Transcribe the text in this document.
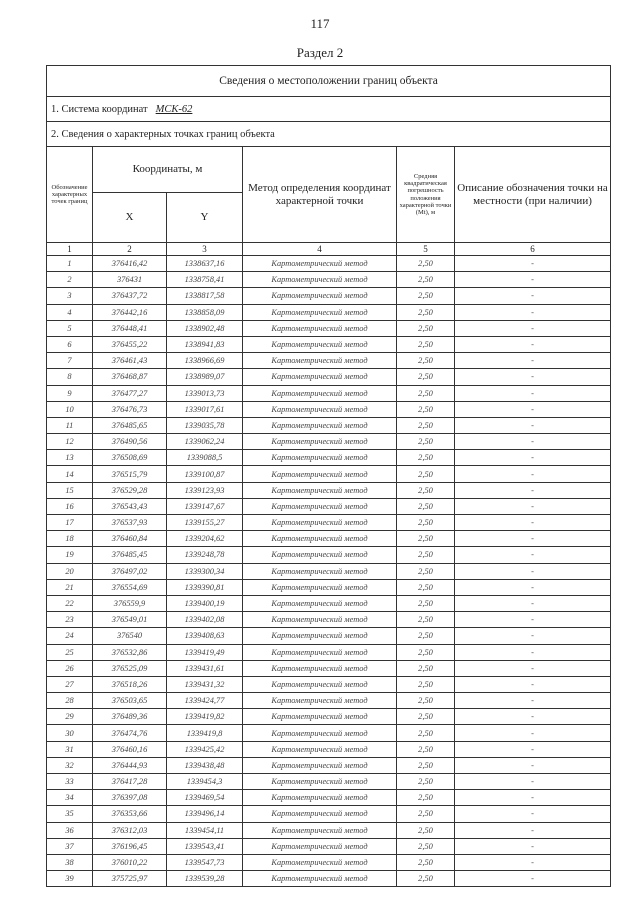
117
Раздел 2
Сведения о местоположении границ объекта					
1. Система координат МСК-62					
2. Сведения о характерных точках границ объекта					
Обозначение характерных точек границ	Координаты, м		Метод определения координат характерной точки	Средняя квадратическая погрешность положения характерной точки (Mt), м	Описание обозначения точки на местности (при наличии)
	X	Y			
1	2	3	4	5	6
1	376416,42	1338637,16	Картометрический метод	2,50	-
2	376431	1338758,41	Картометрический метод	2,50	-
3	376437,72	1338817,58	Картометрический метод	2,50	-
4	376442,16	1338858,09	Картометрический метод	2,50	-
5	376448,41	1338902,48	Картометрический метод	2,50	-
6	376455,22	1338941,83	Картометрический метод	2,50	-
7	376461,43	1338966,69	Картометрический метод	2,50	-
8	376468,87	1338989,07	Картометрический метод	2,50	-
9	376477,27	1339013,73	Картометрический метод	2,50	-
10	376476,73	1339017,61	Картометрический метод	2,50	-
11	376485,65	1339035,78	Картометрический метод	2,50	-
12	376490,56	1339062,24	Картометрический метод	2,50	-
13	376508,69	1339088,5	Картометрический метод	2,50	-
14	376515,79	1339100,87	Картометрический метод	2,50	-
15	376529,28	1339123,93	Картометрический метод	2,50	-
16	376543,43	1339147,67	Картометрический метод	2,50	-
17	376537,93	1339155,27	Картометрический метод	2,50	-
18	376460,84	1339204,62	Картометрический метод	2,50	-
19	376485,45	1339248,78	Картометрический метод	2,50	-
20	376497,02	1339300,34	Картометрический метод	2,50	-
21	376554,69	1339390,81	Картометрический метод	2,50	-
22	376559,9	1339400,19	Картометрический метод	2,50	-
23	376549,01	1339402,08	Картометрический метод	2,50	-
24	376540	1339408,63	Картометрический метод	2,50	-
25	376532,86	1339419,49	Картометрический метод	2,50	-
26	376525,09	1339431,61	Картометрический метод	2,50	-
27	376518,26	1339431,32	Картометрический метод	2,50	-
28	376503,65	1339424,77	Картометрический метод	2,50	-
29	376489,36	1339419,82	Картометрический метод	2,50	-
30	376474,76	1339419,8	Картометрический метод	2,50	-
31	376460,16	1339425,42	Картометрический метод	2,50	-
32	376444,93	1339438,48	Картометрический метод	2,50	-
33	376417,28	1339454,3	Картометрический метод	2,50	-
34	376397,08	1339469,54	Картометрический метод	2,50	-
35	376353,66	1339496,14	Картометрический метод	2,50	-
36	376312,03	1339454,11	Картометрический метод	2,50	-
37	376196,45	1339543,41	Картометрический метод	2,50	-
38	376010,22	1339547,73	Картометрический метод	2,50	-
39	375725,97	1339539,28	Картометрический метод	2,50	-
